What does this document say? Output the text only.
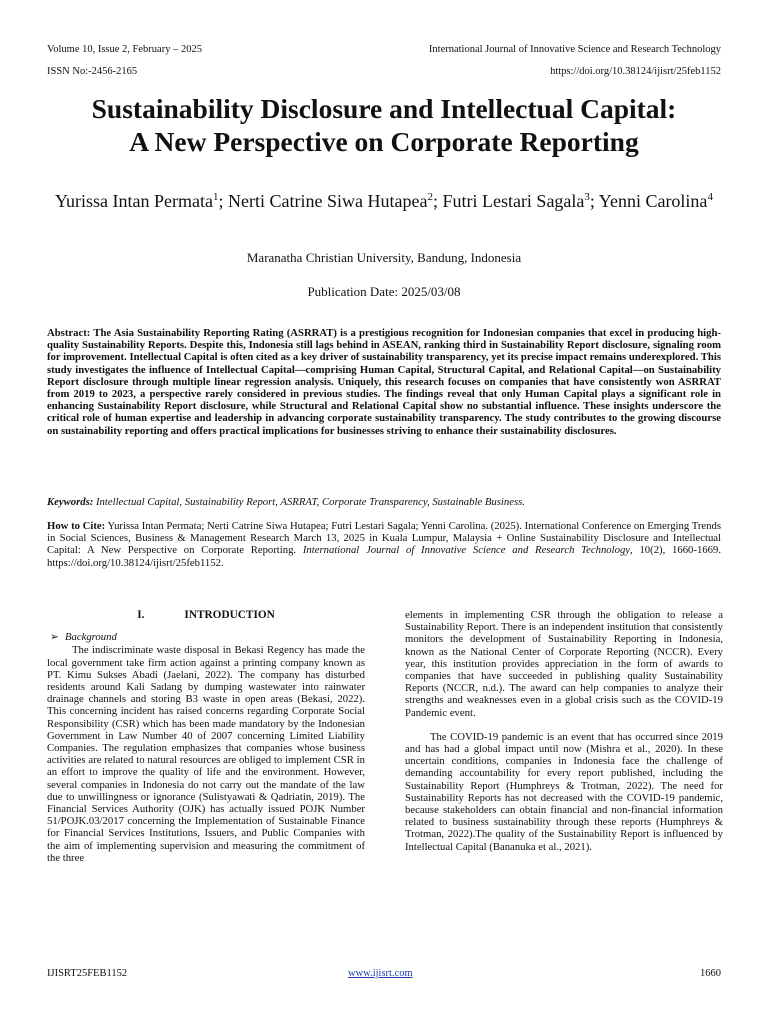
Volume 10, Issue 2, February – 2025
ISSN No:-2456-2165
International Journal of Innovative Science and Research Technology
https://doi.org/10.38124/ijisrt/25feb1152
Sustainability Disclosure and Intellectual Capital:
A New Perspective on Corporate Reporting
Yurissa Intan Permata$^1$; Nerti Catrine Siwa Hutapea$^2$; Futri Lestari Sagala$^3$; Yenni Carolina$^4$
Maranatha Christian University, Bandung, Indonesia
Publication Date: 2025/03/08
Abstract: The Asia Sustainability Reporting Rating (ASRRAT) is a prestigious recognition for Indonesian companies that excel in producing high-quality Sustainability Reports. Despite this, Indonesia still lags behind in ASEAN, ranking third in Sustainability Report disclosure, signaling room for improvement. Intellectual Capital is often cited as a key driver of sustainability transparency, yet its precise impact remains underexplored. This study investigates the influence of Intellectual Capital—comprising Human Capital, Structural Capital, and Relational Capital—on Sustainability Report disclosure through multiple linear regression analysis. Uniquely, this research focuses on companies that have consistently won ASRRAT from 2019 to 2023, a perspective rarely considered in previous studies. The findings reveal that only Human Capital plays a significant role in enhancing Sustainability Report disclosure, while Structural and Relational Capital show no substantial influence. These insights underscore the critical role of human expertise and leadership in advancing corporate sustainability transparency. The study contributes to the growing discourse on sustainability reporting and offers practical implications for businesses striving to enhance their sustainability disclosures.
Keywords: Intellectual Capital, Sustainability Report, ASRRAT, Corporate Transparency, Sustainable Business.
How to Cite: Yurissa Intan Permata; Nerti Catrine Siwa Hutapea; Futri Lestari Sagala; Yenni Carolina. (2025). International Conference on Emerging Trends in Social Sciences, Business & Management Research March 13, 2025 in Kuala Lumpur, Malaysia + Online Sustainability Disclosure and Intellectual Capital: A New Perspective on Corporate Reporting. International Journal of Innovative Science and Research Technology, 10(2), 1660-1669. https://doi.org/10.38124/ijisrt/25feb1152.
I.	INTRODUCTION
➢ Background

The indiscriminate waste disposal in Bekasi Regency has made the local government take firm action against a printing company known as PT. Kimu Sukses Abadi (Jaelani, 2022). The company has disturbed residents around Kali Sadang by dumping wastewater into rainwater drainage channels and storing B3 waste in open areas (Bekasi, 2022). This concerning incident has raised concerns regarding Corporate Social Responsibility (CSR) which has been made mandatory by the Indonesian Government in Law Number 40 of 2007 concerning Limited Liability Companies. The regulation emphasizes that companies whose business activities are related to natural resources are obliged to implement CSR in an effort to improve the quality of life and the environment. However, several companies in Indonesia do not carry out the mandate of the law due to unwillingness or ignorance (Sulistyawati & Qadriatin, 2019). The Financial Services Authority (OJK) has actually issued POJK Number 51/POJK.03/2017 concerning the Implementation of Sustainable Finance for Financial Services Institutions, Issuers, and Public Companies with the aim of implementing supervision and measuring the commitment of the three

elements in implementing CSR through the obligation to release a Sustainability Report. There is an independent institution that consistently monitors the development of Sustainability Reporting in Indonesia, known as the National Center of Corporate Reporting (NCCR). Every year, this institution provides appreciation in the form of awards to companies that have succeeded in publishing quality Sustainability Reports (NCCR, n.d.). The award can help companies to analyze their strengths and weaknesses even in a global crisis such as the COVID-19 Pandemic event.

The COVID-19 pandemic is an event that has occurred since 2019 and has had a global impact until now (Mishra et al., 2020). In these uncertain conditions, companies in Indonesia face the challenge of demanding accountability for every report published, including the Sustainability Report (Humphreys & Trotman, 2022). The need for Sustainability Reports has not decreased with the COVID-19 pandemic, because stakeholders can obtain financial and non-financial information related to business sustainability through these reports (Humphreys & Trotman, 2022).The quality of the Sustainability Report is influenced by Intellectual Capital (Bananuka et al., 2021).

IJISRT25FEB1152	www.ijisrt.com	1660
